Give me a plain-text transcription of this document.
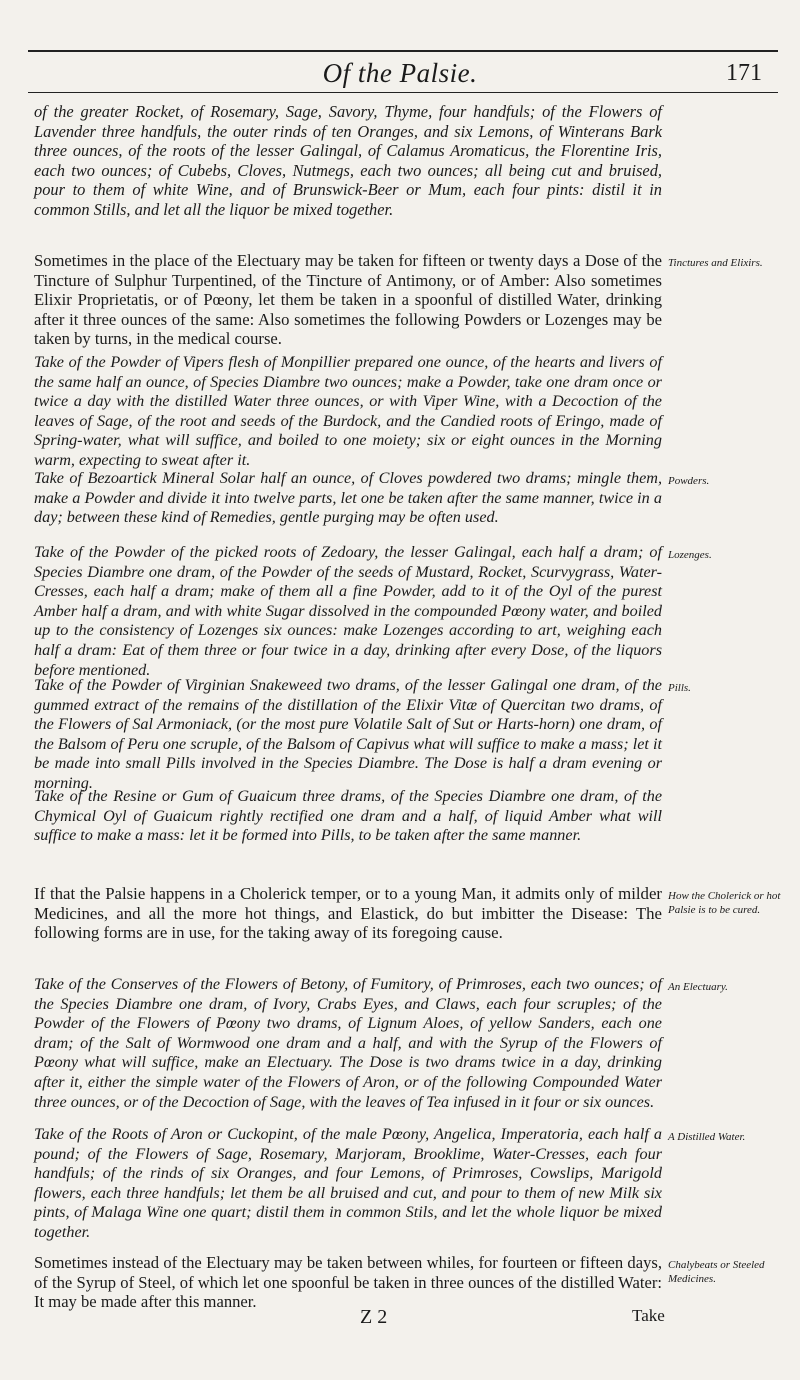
Of the Palsie.	171

of the greater Rocket, of Rosemary, Sage, Savory, Thyme, four handfuls; of the Flowers of Lavender three handfuls, the outer rinds of ten Oranges, and six Lemons, of Winterans Bark three ounces, of the roots of the lesser Galingal, of Calamus Aromaticus, the Florentine Iris, each two ounces; of Cubebs, Cloves, Nutmegs, each two ounces; all being cut and bruised, pour to them of white Wine, and of Brunswick-Beer or Mum, each four pints: distil it in common Stills, and let all the liquor be mixed together.

Sometimes in the place of the Electuary may be taken for fifteen or twenty days a Dose of the Tincture of Sulphur Turpentined, of the Tincture of Antimony, or of Amber: Also sometimes Elixir Proprietatis, or of Pœony, let them be taken in a spoonful of distilled Water, drinking after it three ounces of the same: Also sometimes the following Powders or Lozenges may be taken by turns, in the medical course.

Take of the Powder of Vipers flesh of Monpillier prepared one ounce, of the hearts and livers of the same half an ounce, of Species Diambre two ounces; make a Powder, take one dram once or twice a day with the distilled Water three ounces, or with Viper Wine, with a Decoction of the leaves of Sage, of the root and seeds of the Burdock, and the Candied roots of Eringo, made of Spring-water, what will suffice, and boiled to one moiety; six or eight ounces in the Morning warm, expecting to sweat after it.

Take of Bezoartick Mineral Solar half an ounce, of Cloves powdered two drams; mingle them, make a Powder and divide it into twelve parts, let one be taken after the same manner, twice in a day; between these kind of Remedies, gentle purging may be often used.

Take of the Powder of the picked roots of Zedoary, the lesser Galingal, each half a dram; of Species Diambre one dram, of the Powder of the seeds of Mustard, Rocket, Scurvygrass, Water-Cresses, each half a dram; make of them all a fine Powder, add to it of the Oyl of the purest Amber half a dram, and with white Sugar dissolved in the compounded Pœony water, and boiled up to the consistency of Lozenges six ounces: make Lozenges according to art, weighing each half a dram: Eat of them three or four twice in a day, drinking after every Dose, of the liquors before mentioned.

Take of the Powder of Virginian Snakeweed two drams, of the lesser Galingal one dram, of the gummed extract of the remains of the distillation of the Elixir Vitæ of Quercitan two drams, of the Flowers of Sal Armoniack, (or the most pure Volatile Salt of Sut or Harts-horn) one dram, of the Balsom of Peru one scruple, of the Balsom of Capivus what will suffice to make a mass; let it be made into small Pills involved in the Species Diambre. The Dose is half a dram evening or morning.

Take of the Resine or Gum of Guaicum three drams, of the Species Diambre one dram, of the Chymical Oyl of Guaicum rightly rectified one dram and a half, of liquid Amber what will suffice to make a mass: let it be formed into Pills, to be taken after the same manner.

If that the Palsie happens in a Cholerick temper, or to a young Man, it admits only of milder Medicines, and all the more hot things, and Elastick, do but imbitter the Disease: The following forms are in use, for the taking away of its foregoing cause.

Take of the Conserves of the Flowers of Betony, of Fumitory, of Primroses, each two ounces; of the Species Diambre one dram, of Ivory, Crabs Eyes, and Claws, each four scruples; of the Powder of the Flowers of Pœony two drams, of Lignum Aloes, of yellow Sanders, each one dram; of the Salt of Wormwood one dram and a half, and with the Syrup of the Flowers of Pœony what will suffice, make an Electuary. The Dose is two drams twice in a day, drinking after it, either the simple water of the Flowers of Aron, or of the following Compounded Water three ounces, or of the Decoction of Sage, with the leaves of Tea infused in it four or six ounces.

Take of the Roots of Aron or Cuckopint, of the male Pœony, Angelica, Imperatoria, each half a pound; of the Flowers of Sage, Rosemary, Marjoram, Brooklime, Water-Cresses, each four handfuls; of the rinds of six Oranges, and four Lemons, of Primroses, Cowslips, Marigold flowers, each three handfuls; let them be all bruised and cut, and pour to them of new Milk six pints, of Malaga Wine one quart; distil them in common Stils, and let the whole liquor be mixed together.

Sometimes instead of the Electuary may be taken between whiles, for fourteen or fifteen days, of the Syrup of Steel, of which let one spoonful be taken in three ounces of the distilled Water: It may be made after this manner.

Tinctures and Elixirs.

Powders.

Lozenges.

Pills.

How the Cholerick or hot Palsie is to be cured.

An Electuary.

A Distilled Water.

Chalybeats or Steeled Medicines.

Z 2	Take
